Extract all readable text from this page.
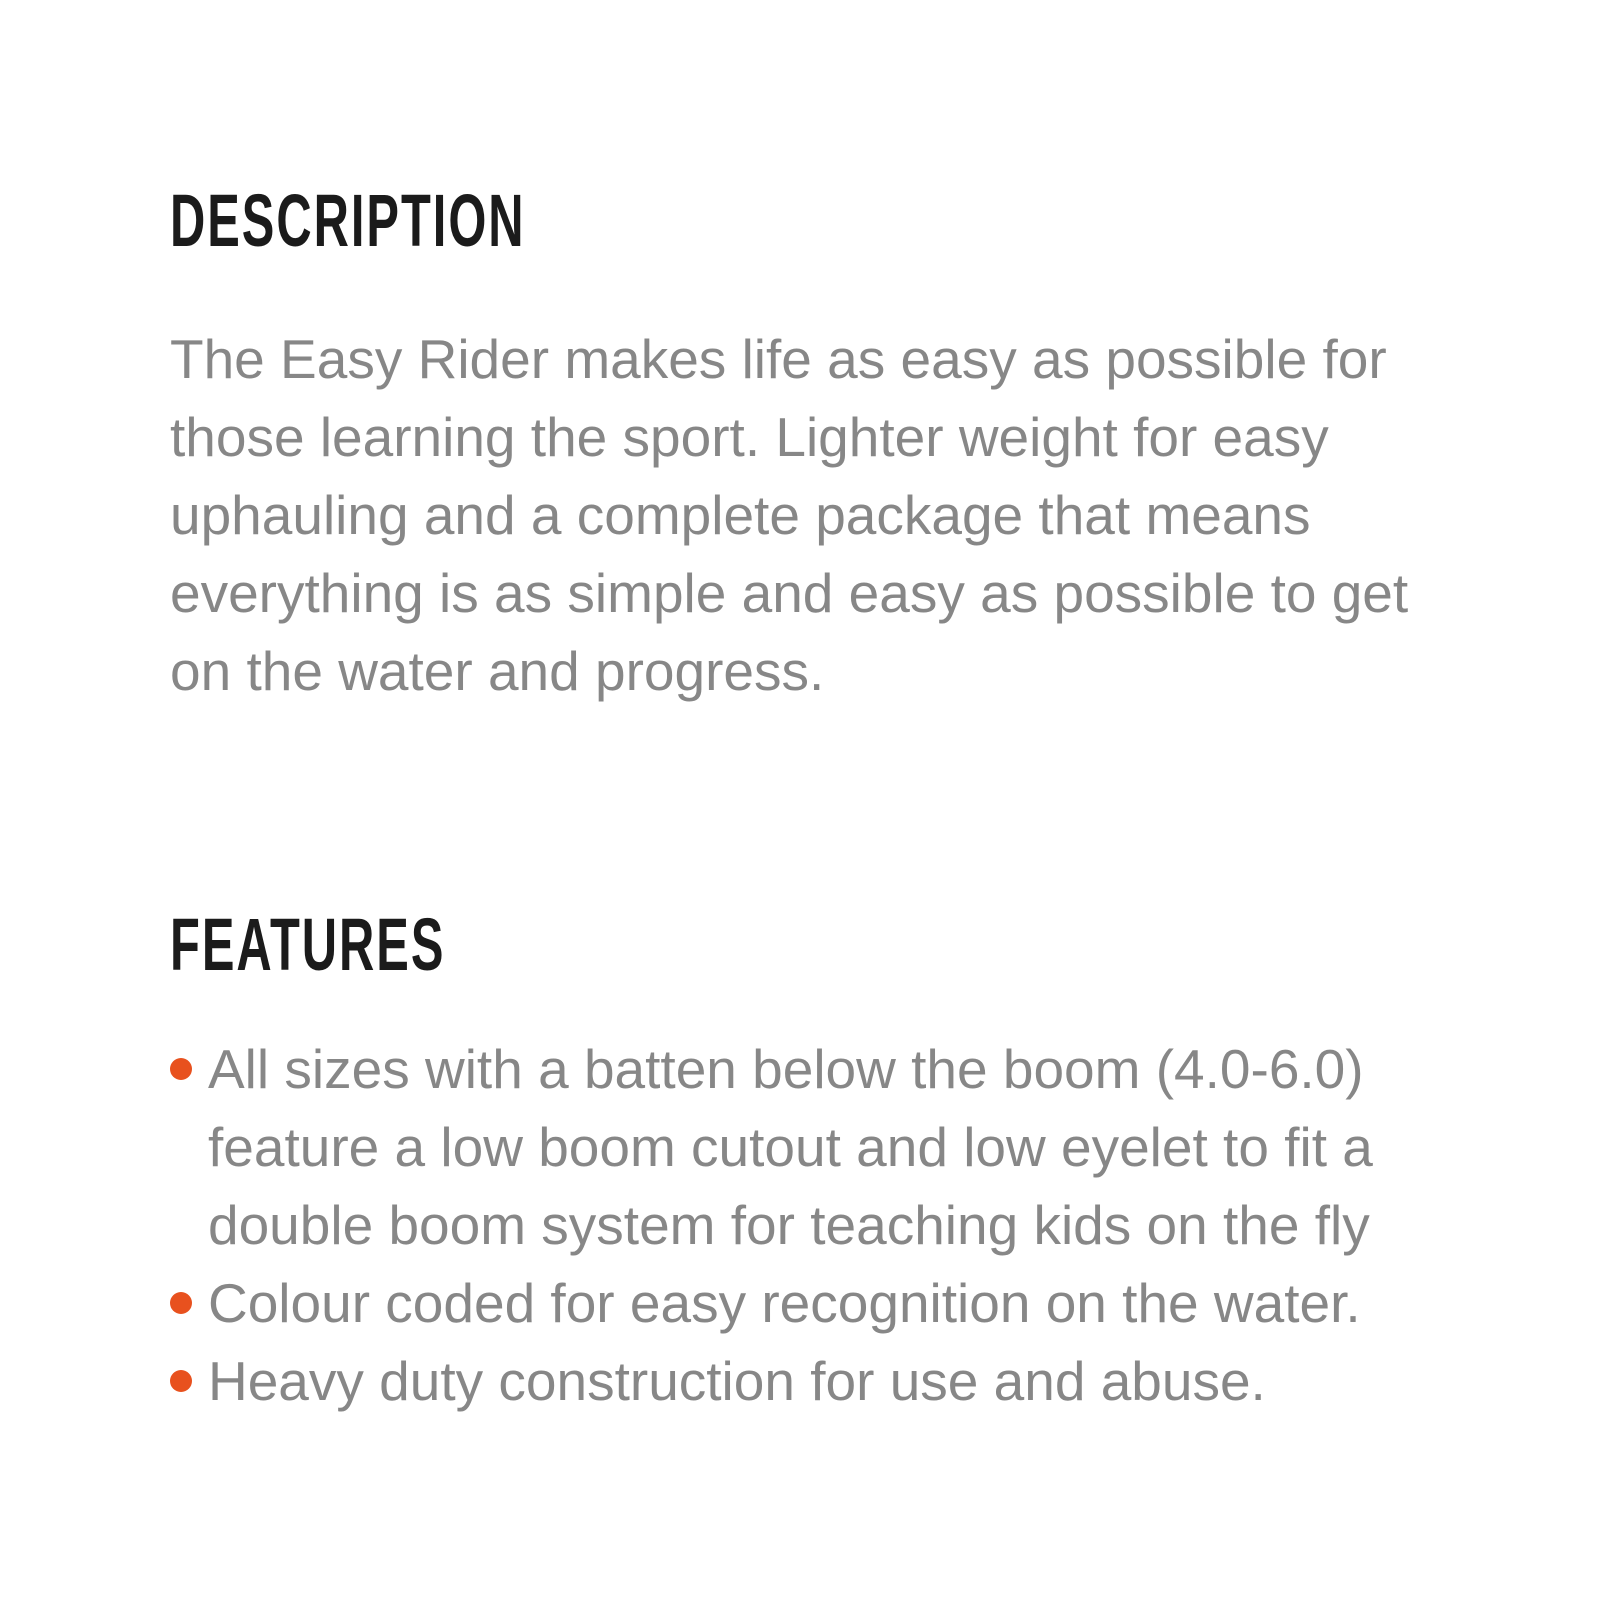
DESCRIPTION

The Easy Rider makes life as easy as possible for those learning the sport. Lighter weight for easy uphauling and a complete package that means everything is as simple and easy as possible to get on the water and progress.

FEATURES
All sizes with a batten below the boom (4.0-6.0) feature a low boom cutout and low eyelet to fit a double boom system for teaching kids on the fly
Colour coded for easy recognition on the water.
Heavy duty construction for use and abuse.
